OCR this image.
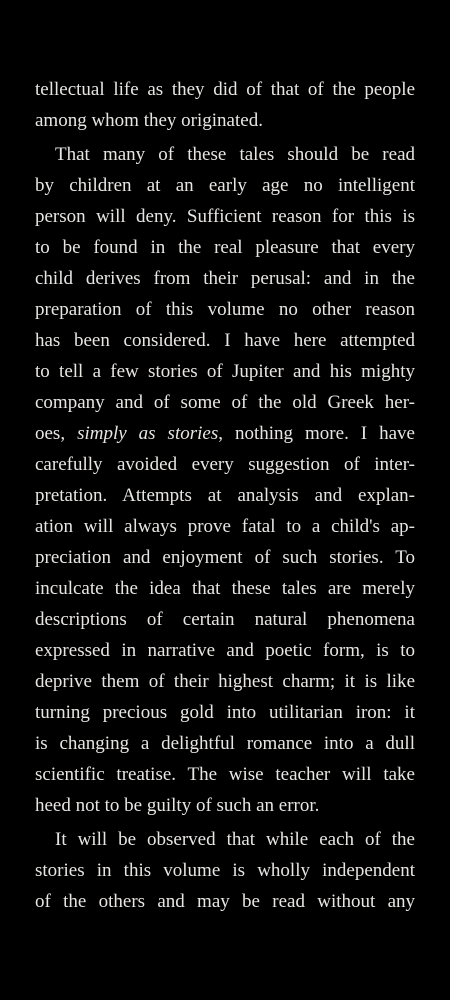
tellectual life as they did of that of the people
among whom they originated.

That many of these tales should be read
by children at an early age no intelligent
person will deny. Sufficient reason for this is
to be found in the real pleasure that every
child derives from their perusal: and in the
preparation of this volume no other reason
has been considered. I have here attempted
to tell a few stories of Jupiter and his mighty
company and of some of the old Greek her-
oes, simply as stories, nothing more. I have
carefully avoided every suggestion of inter-
pretation. Attempts at analysis and explan-
ation will always prove fatal to a child's ap-
preciation and enjoyment of such stories. To
inculcate the idea that these tales are merely
descriptions of certain natural phenomena
expressed in narrative and poetic form, is to
deprive them of their highest charm; it is like
turning precious gold into utilitarian iron: it
is changing a delightful romance into a dull
scientific treatise. The wise teacher will take
heed not to be guilty of such an error.

It will be observed that while each of the
stories in this volume is wholly independent
of the others and may be read without any
